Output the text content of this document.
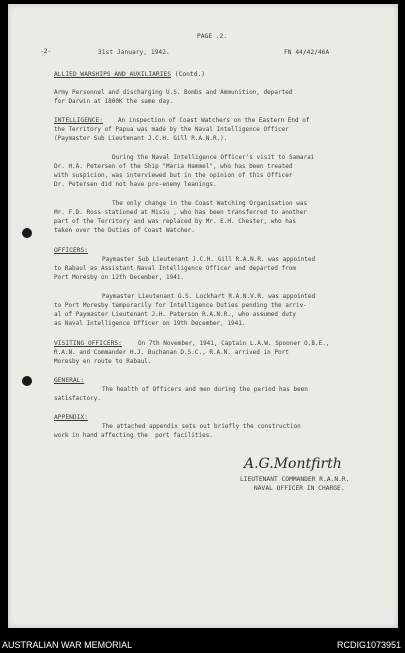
PAGE .2.
-2-	31st January, 1942.	FN 44/42/46A
ALLIED WARSHIPS AND AUXILIARIES (Contd.)
Army Personnel and discharging U.S. Bombs and Ammunition, departed
for Darwin at 1800K the same day.
INTELLIGENCE: An inspection of Coast Watchers on the Eastern End of
the Territory of Papua was made by the Naval Intelligence Officer
(Paymaster Sub Lieutenant J.C.H. Gill R.A.N.R.).
During the Naval Intelligence Officer's visit to Samarai
Dr. H.A. Petersen of the Ship "Maria Hammel", who has been treated
with suspicion, was interviewed but in the opinion of this Officer
Dr. Petersen did not have pro-enemy leanings.
The only change in the Coast Watching Organisation was
Mr. F.D. Ross stationed at Misiu , who has been transferred to another
part of the Territory and was replaced by Mr. E.H. Chester, who has
taken over the Duties of Coast Watcher.
OFFICERS:
Paymaster Sub Lieutenant J.C.H. Gill R.A.N.R. was appointed
to Rabaul as Assistant Naval Intelligence Officer and departed from
Port Moresby on 12th December, 1941.
Paymaster Lieutenant G.S. Lockhart R.A.N.V.R. was appointed
to Port Moresby temporarily for Intelligence Duties pending the arriv-
al of Paymaster Lieutenant J.H. Paterson R.A.N.R., who assumed duty
as Naval Intelligence Officer on 19th December, 1941.
VISITING OFFICERS:	On 7th November, 1941, Captain L.A.W. Spooner O.B.E.,
R.A.N. and Commander H.J. Buchanan D.S.C., R.A.N. arrived in Port
Moresby en route to Rabaul.
GENERAL:
The health of Officers and men during the period has been
satisfactory.
APPENDIX:
The attached appendix sets out briefly the construction
work in hand affecting the  port facilities.
A.G.Montfirth
LIEUTENANT COMMANDER R.A.N.R.
NAVAL OFFICER IN CHARGE.
AUSTRALIAN WAR MEMORIAL	RCDIG1073951
